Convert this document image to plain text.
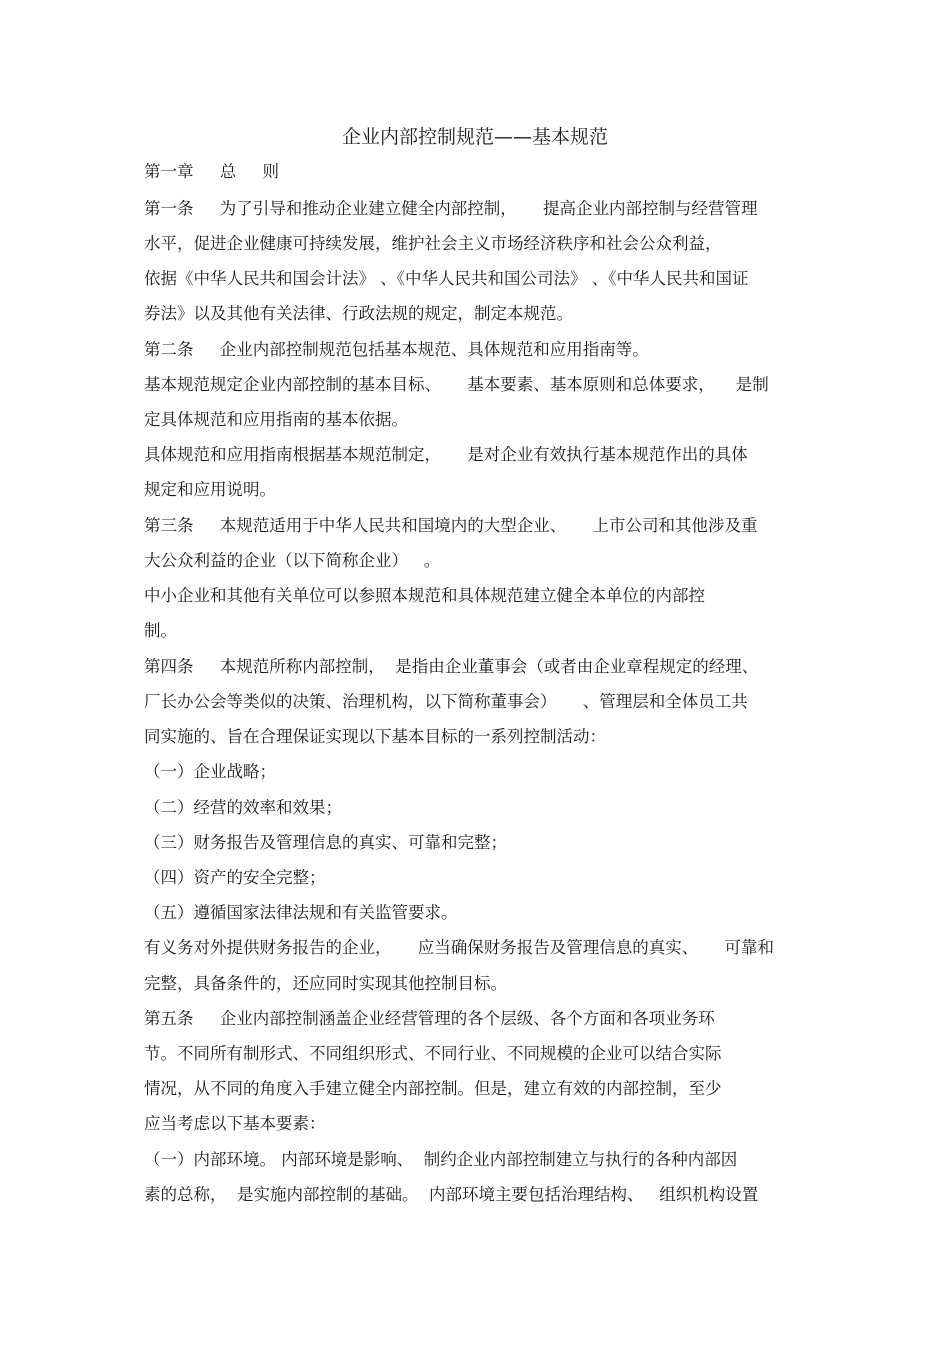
企业内部控制规范——基本规范
第一章     总     则
第一条     为了引导和推动企业建立健全内部控制，     提高企业内部控制与经营管理
水平，促进企业健康可持续发展，维护社会主义市场经济秩序和社会公众利益，
依据《中华人民共和国会计法》 、《中华人民共和国公司法》 、《中华人民共和国证
券法》以及其他有关法律、行政法规的规定，制定本规范。
第二条     企业内部控制规范包括基本规范、具体规范和应用指南等。
基本规范规定企业内部控制的基本目标、     基本要素、基本原则和总体要求，    是制
定具体规范和应用指南的基本依据。
具体规范和应用指南根据基本规范制定，     是对企业有效执行基本规范作出的具体
规定和应用说明。
第三条     本规范适用于中华人民共和国境内的大型企业、     上市公司和其他涉及重
大公众利益的企业（以下简称企业）   。
中小企业和其他有关单位可以参照本规范和具体规范建立健全本单位的内部控
制。
第四条     本规范所称内部控制，  是指由企业董事会（或者由企业章程规定的经理、
厂长办公会等类似的决策、治理机构，以下简称董事会）     、管理层和全体员工共
同实施的、旨在合理保证实现以下基本目标的一系列控制活动：
（一）企业战略；
（二）经营的效率和效果；
（三）财务报告及管理信息的真实、可靠和完整；
（四）资产的安全完整；
（五）遵循国家法律法规和有关监管要求。
有义务对外提供财务报告的企业，     应当确保财务报告及管理信息的真实、     可靠和
完整，具备条件的，还应同时实现其他控制目标。
第五条     企业内部控制涵盖企业经营管理的各个层级、各个方面和各项业务环
节。不同所有制形式、不同组织形式、不同行业、不同规模的企业可以结合实际
情况，从不同的角度入手建立健全内部控制。但是，建立有效的内部控制，至少
应当考虑以下基本要素：
（一）内部环境。 内部环境是影响、  制约企业内部控制建立与执行的各种内部因
素的总称，  是实施内部控制的基础。  内部环境主要包括治理结构、   组织机构设置
